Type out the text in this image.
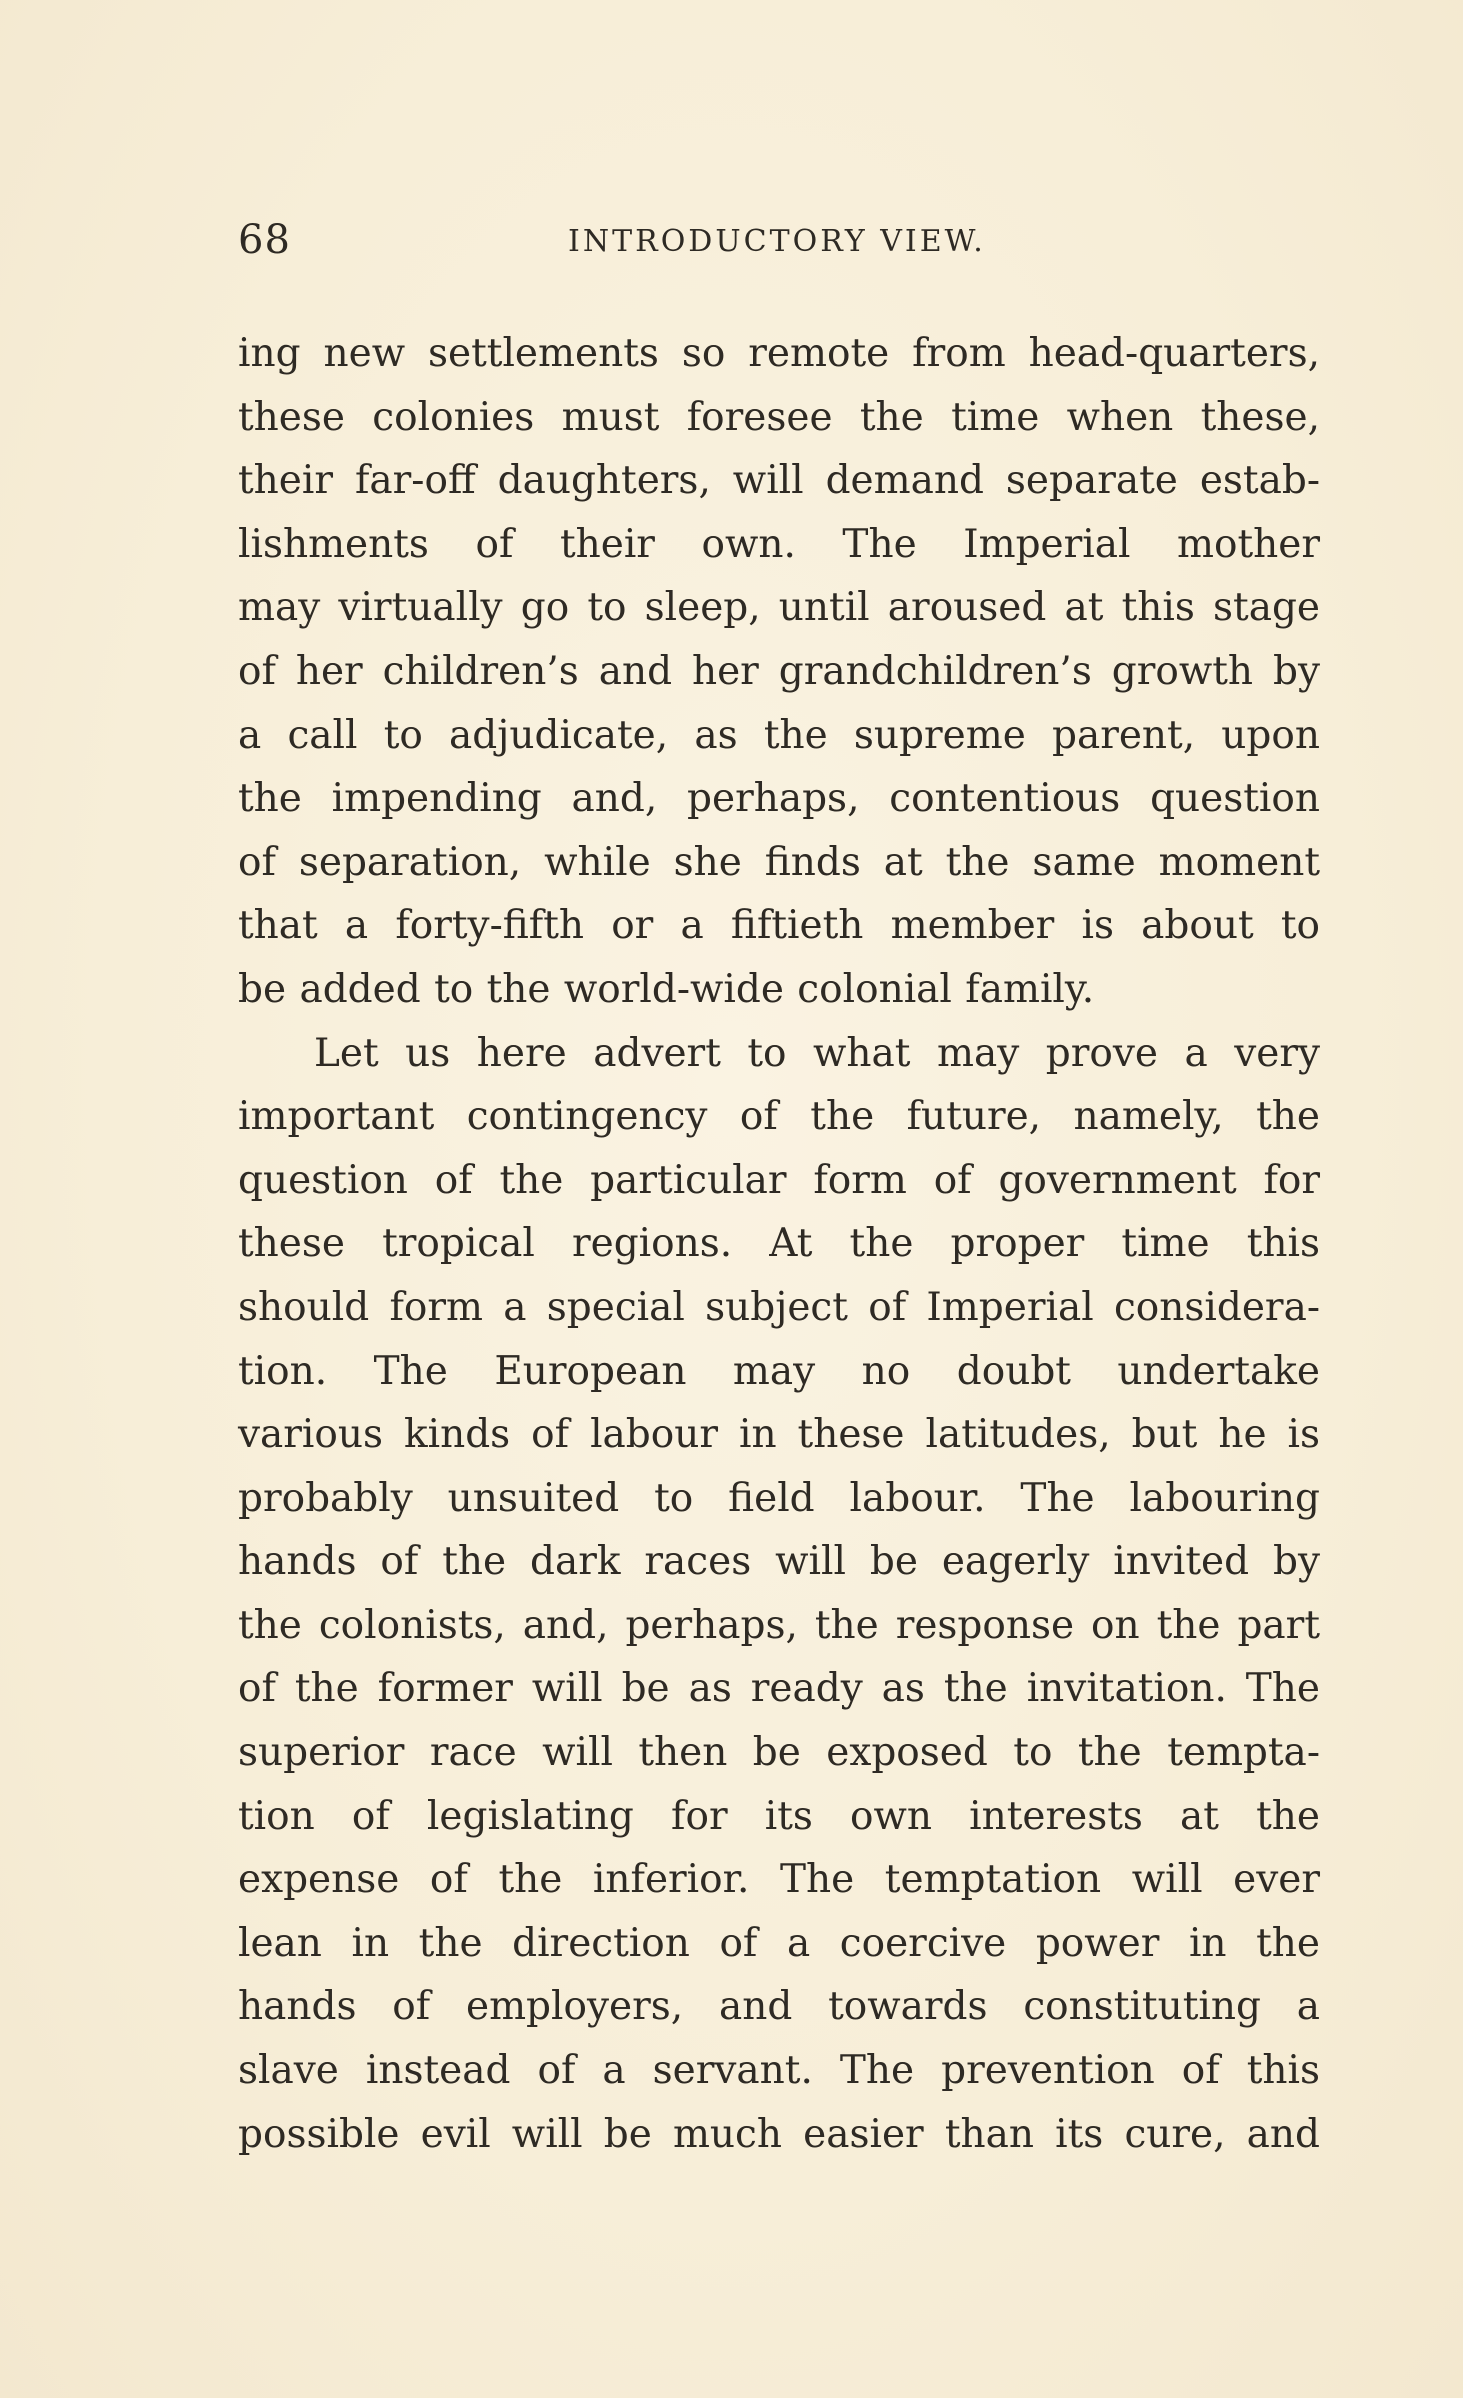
68	INTRODUCTORY VIEW.
ing new settlements so remote from head-quarters,
these colonies must foresee the time when these,
their far-off daughters, will demand separate estab-
lishments of their own. The Imperial mother
may virtually go to sleep, until aroused at this stage
of her children’s and her grandchildren’s growth by
a call to adjudicate, as the supreme parent, upon
the impending and, perhaps, contentious question
of separation, while she finds at the same moment
that a forty-fifth or a fiftieth member is about to
be added to the world-wide colonial family.
Let us here advert to what may prove a very
important contingency of the future, namely, the
question of the particular form of government for
these tropical regions. At the proper time this
should form a special subject of Imperial considera-
tion. The European may no doubt undertake
various kinds of labour in these latitudes, but he is
probably unsuited to field labour. The labouring
hands of the dark races will be eagerly invited by
the colonists, and, perhaps, the response on the part
of the former will be as ready as the invitation. The
superior race will then be exposed to the tempta-
tion of legislating for its own interests at the
expense of the inferior. The temptation will ever
lean in the direction of a coercive power in the
hands of employers, and towards constituting a
slave instead of a servant. The prevention of this
possible evil will be much easier than its cure, and
